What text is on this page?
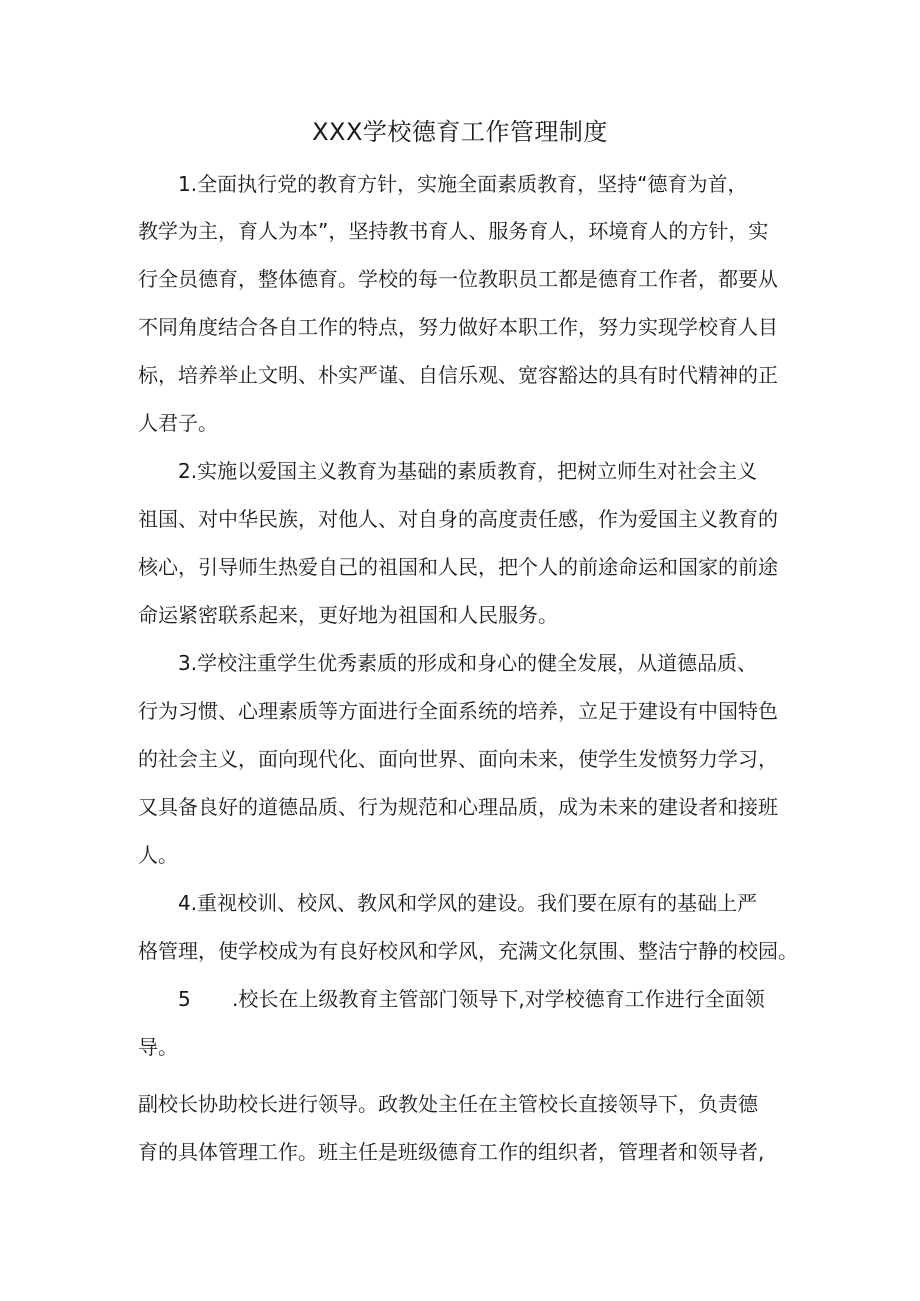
XXX学校德育工作管理制度
1.全面执行党的教育方针，实施全面素质教育，坚持“德育为首，
教学为主，育人为本”，坚持教书育人、服务育人，环境育人的方针，实
行全员德育，整体德育。学校的每一位教职员工都是德育工作者，都要从
不同角度结合各自工作的特点，努力做好本职工作，努力实现学校育人目
标，培养举止文明、朴实严谨、自信乐观、宽容豁达的具有时代精神的正
人君子。
2.实施以爱国主义教育为基础的素质教育，把树立师生对社会主义
祖国、对中华民族，对他人、对自身的高度责任感，作为爱国主义教育的
核心，引导师生热爱自己的祖国和人民，把个人的前途命运和国家的前途
命运紧密联系起来，更好地为祖国和人民服务。
3.学校注重学生优秀素质的形成和身心的健全发展，从道德品质、
行为习惯、心理素质等方面进行全面系统的培养，立足于建设有中国特色
的社会主义，面向现代化、面向世界、面向未来，使学生发愤努力学习，
又具备良好的道德品质、行为规范和心理品质，成为未来的建设者和接班
人。
4.重视校训、校风、教风和学风的建设。我们要在原有的基础上严
格管理，使学校成为有良好校风和学风，充满文化氛围、整洁宁静的校园。
5 .校长在上级教育主管部门领导下,对学校德育工作进行全面领
导。
副校长协助校长进行领导。政教处主任在主管校长直接领导下，负责德
育的具体管理工作。班主任是班级德育工作的组织者，管理者和领导者,
